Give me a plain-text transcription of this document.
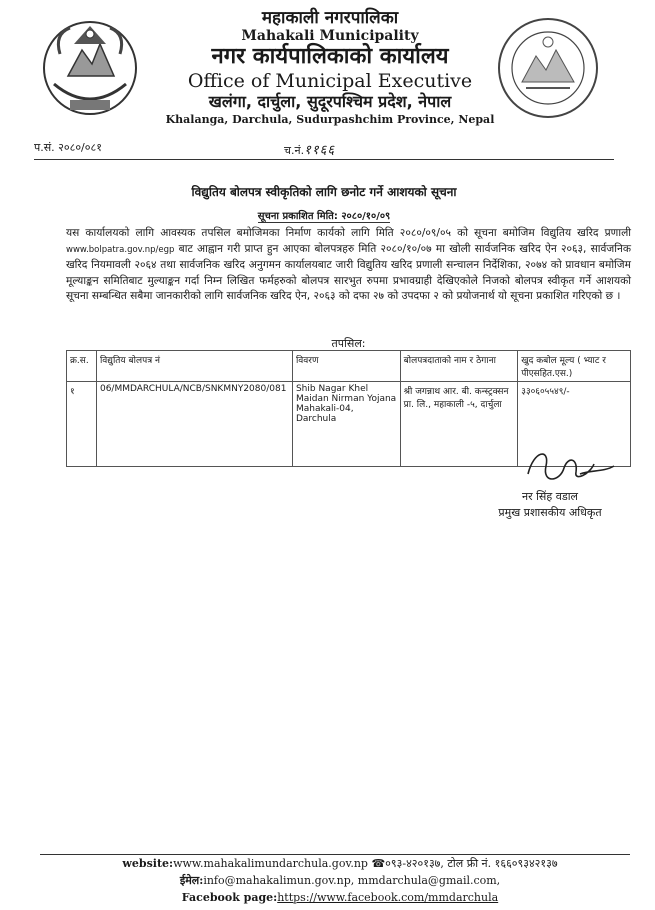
महाकाली नगरपालिका
Mahakali Municipality
नगर कार्यपालिकाको कार्यालय
Office of Municipal Executive
खलंगा, दार्चुला, सुदूरपश्चिम प्रदेश, नेपाल
Khalanga, Darchula, Sudurpashchim Province, Nepal
प.सं. २०८०/०८१	च.नं.११६६
विद्युतिय बोलपत्र स्वीकृतिको लागि छनोट गर्ने आशयको सूचना
सूचना प्रकाशित मिति: २०८०/१०/०९
यस कार्यालयको लागि आवस्यक तपसिल बमोजिमका निर्माण कार्यको लागि मिति २०८०/०९/०५ को सूचना बमोजिम विद्युतिय खरिद प्रणाली www.bolpatra.gov.np/egp बाट आह्वान गरी प्राप्त हुन आएका बोलपत्रहरु मिति २०८०/१०/०७ मा खोली सार्वजनिक खरिद ऐन २०६३, सार्वजनिक खरिद नियमावली २०६४ तथा सार्वजनिक खरिद अनुगमन कार्यालयबाट जारी विद्युतिय खरिद प्रणाली सन्चालन निर्देशिका, २०७४ को प्रावधान बमोजिम मूल्याङ्कन समितिबाट मुल्याङ्कन गर्दा निम्न लिखित फर्महरुको बोलपत्र सारभुत रुपमा प्रभावग्राही देखिएकोले निजको बोलपत्र स्वीकृत गर्ने आशयको सूचना सम्बन्धित सबैमा जानकारीको लागि सार्वजनिक खरिद ऐन, २०६३ को दफा २७ को उपदफा २ को प्रयोजनार्थ यो सूचना प्रकाशित गरिएको छ ।
तपसिल:
क्र.स.	विद्युतिय बोलपत्र नं	विवरण	बोलपत्रदाताको नाम र ठेगाना	खुद कबोल मूल्य ( भ्याट र पीएसहित.एस.)
१	06/MMDARCHULA/NCB/SNKMNY2080/081	Shib Nagar Khel Maidan Nirman Yojana Mahakali-04, Darchula	श्री जगन्नाथ आर. बी. कन्स्ट्रक्सन प्रा. लि., महाकाली -५, दार्चुला	३३०६०५५४९/-
नर सिंह वडाल
प्रमुख प्रशासकीय अधिकृत
website:www.mahakalimundarchula.gov.np ☎०९३-४२०१३७, टोल फ्री नं. १६६०९३४२१३७
ईमेल:info@mahakalimun.gov.np, mmdarchula@gmail.com,
Facebook page:https://www.facebook.com/mmdarchula
